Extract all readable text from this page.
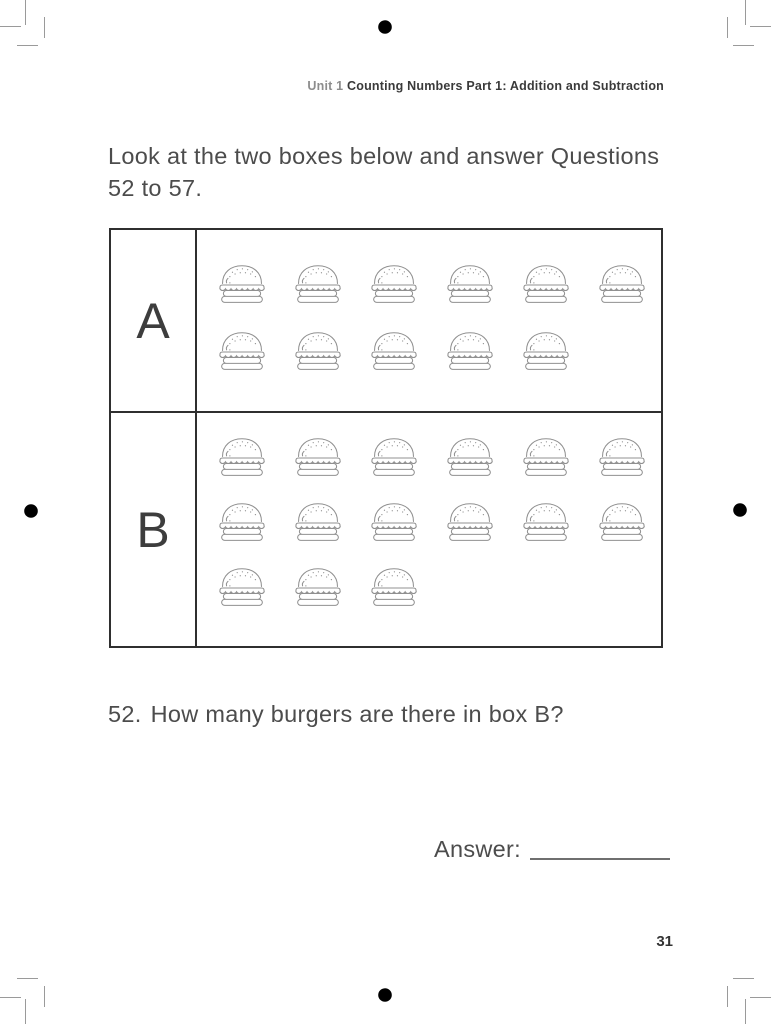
Unit 1 Counting Numbers Part 1: Addition and Subtraction
Look at the two boxes below and answer Questions
52 to 57.
A
B
52. How many burgers are there in box B?
Answer:
31
